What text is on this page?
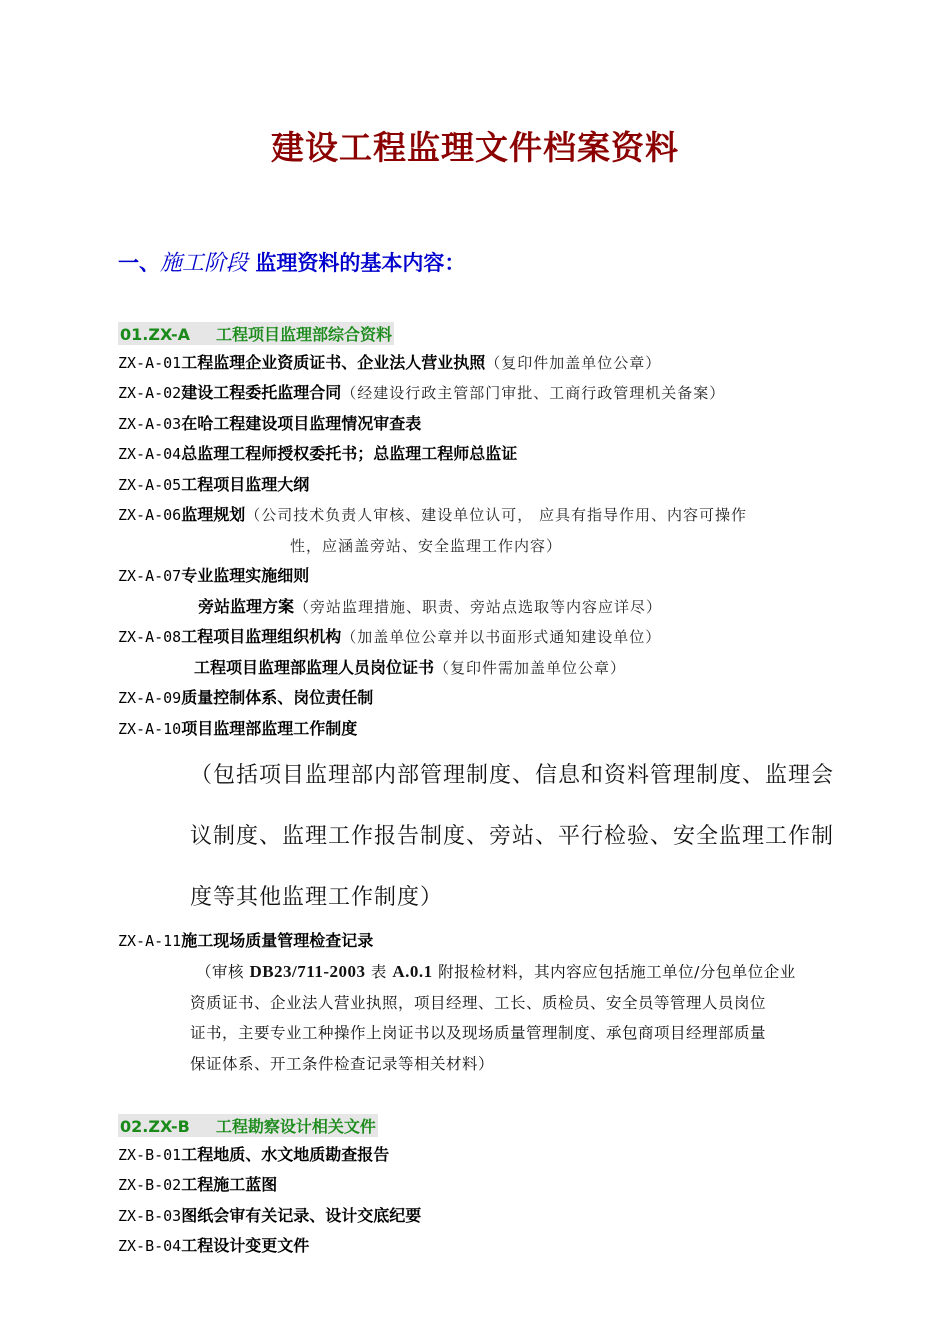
建设工程监理文件档案资料
一、施工阶段 监理资料的基本内容：
01.ZX-A 工程项目监理部综合资料
ZX-A-01工程监理企业资质证书、企业法人营业执照（复印件加盖单位公章）
ZX-A-02建设工程委托监理合同（经建设行政主管部门审批、工商行政管理机关备案）
ZX-A-03在哈工程建设项目监理情况审查表
ZX-A-04总监理工程师授权委托书；总监理工程师总监证
ZX-A-05工程项目监理大纲
ZX-A-06监理规划（公司技术负责人审核、建设单位认可， 应具有指导作用、内容可操作
性，应涵盖旁站、安全监理工作内容）
ZX-A-07专业监理实施细则
旁站监理方案（旁站监理措施、职责、旁站点选取等内容应详尽）
ZX-A-08工程项目监理组织机构（加盖单位公章并以书面形式通知建设单位）
工程项目监理部监理人员岗位证书（复印件需加盖单位公章）
ZX-A-09质量控制体系、岗位责任制
ZX-A-10项目监理部监理工作制度
（包括项目监理部内部管理制度、信息和资料管理制度、监理会
议制度、监理工作报告制度、旁站、平行检验、安全监理工作制
度等其他监理工作制度）
ZX-A-11施工现场质量管理检查记录
（审核 DB23/711-2003 表 A.0.1 附报检材料，其内容应包括施工单位/分包单位企业
资质证书、企业法人营业执照，项目经理、工长、质检员、安全员等管理人员岗位
证书，主要专业工种操作上岗证书以及现场质量管理制度、承包商项目经理部质量
保证体系、开工条件检查记录等相关材料）
02.ZX-B 工程勘察设计相关文件
ZX-B-01工程地质、水文地质勘查报告
ZX-B-02工程施工蓝图
ZX-B-03图纸会审有关记录、设计交底纪要
ZX-B-04工程设计变更文件
